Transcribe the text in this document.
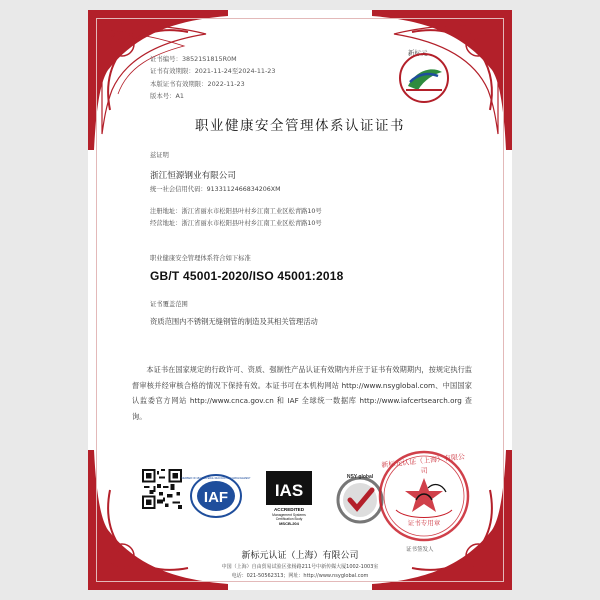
证书编号：38521S1815R0M
证书有效期限：2021-11-24至2024-11-23
本版证书有效期限：2022-11-23
版本号：A1
新标元
职业健康安全管理体系认证证书
兹证明
浙江恒源钢业有限公司
统一社会信用代码：9133112466834206XM
注册地址：浙江省丽水市松阳县叶村乡江南工业区松青路10号
经营地址：浙江省丽水市松阳县叶村乡江南工业区松青路10号
职业健康安全管理体系符合如下标准
GB/T 45001-2020/ISO 45001:2018
证书覆盖范围
资质范围内不锈钢无缝钢管的制造及其相关管理活动
本证书在国家规定的行政许可、资质、强制性产品认证有效期内并应于证书有效期期内，按规定执行监督审核并经审核合格的情况下保持有效。本证书可在本机构网站 http://www.nsyglobal.com、中国国家认监委官方网站 http://www.cnca.gov.cn 和 IAF 全球统一数据库 http://www.iafcertsearch.org 查询。
IAF
MEMBER OF MULTILATERAL RECOGNITION ARRANGEMENT
IAS
ACCREDITED
Management Systems
Certification Body
MSCB-204
NSY global
新标元认证（上海）有限公司
证书专用章
证书签发人
新标元认证（上海）有限公司
中国（上海）自由贸易试验区张杨路211号中新传媒大厦1002-1003室
电话：021-50562313；网址：http://www.nsyglobal.com
